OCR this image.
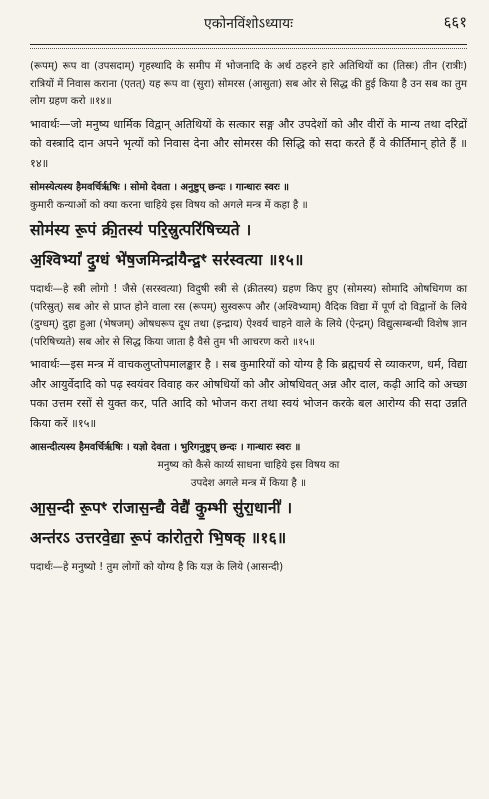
एकोनविंशोऽध्यायः	६६१

(रूपम्) रूप वा (उपसदाम्) गृहस्थादि के समीप में भोजनादि के अर्थ ठहरने हारे अतिथियों का (तिस्रः) तीन (रात्रीः) रात्रियों में निवास कराना (एतत्) यह रूप वा (सुरा) सोमरस (आसुता) सब ओर से सिद्ध की हुई किया है उन सब का तुम लोग ग्रहण करो ॥१४॥

भावार्थः—जो मनुष्य धार्मिक विद्वान् अतिथियों के सत्कार सङ्ग और उपदेशों को और वीरों के मान्य तथा दरिद्रों को वस्त्रादि दान अपने भृत्यों को निवास देना और सोमरस की सिद्धि को सदा करते हैं वे कीर्तिमान् होते हैं ॥१४॥

सोमस्येत्यस्य हैमवर्चिर्ऋषिः । सोमो देवता । अनुष्टुप् छन्दः । गान्धारः स्वरः ॥

कुमारी कन्याओं को क्या करना चाहिये इस विषय को अगले मन्त्र में कहा है ॥

सोम॑स्य रू॒पं क्री॒तस्य॑ परि॒स्रुत्परि॑षिच्यते ।

अ॒श्विभ्यां॑ दु॒ग्धं भे॑ष॒जमिन्द्रा॑यैन्द्र॒ꣳ सर॑स्वत्या ॥१५॥

पदार्थः—हे स्त्री लोगो ! जैसे (सरस्वत्या) विदुषी स्त्री से (क्रीतस्य) ग्रहण किए हुए (सोमस्य) सोमादि ओषधिगण का (परिस्रुत्) सब ओर से प्राप्त होने वाला रस (रूपम्) सुस्वरूप और (अश्विभ्याम्) वैदिक विद्या में पूर्ण दो विद्वानों के लिये (दुग्धम्) दुहा हुआ (भेषजम्) ओषधरूप दूध तथा (इन्द्राय) ऐश्वर्य चाहने वाले के लिये (ऐन्द्रम्) विद्युत्सम्बन्धी विशेष ज्ञान (परिषिच्यते) सब ओर से सिद्ध किया जाता है वैसे तुम भी आचरण करो ॥१५॥

भावार्थः—इस मन्त्र में वाचकलुप्तोपमालङ्कार है । सब कुमारियों को योग्य है कि ब्रह्मचर्य से व्याकरण, धर्म, विद्या और आयुर्वेदादि को पढ़ स्वयंवर विवाह कर ओषधियों को और ओषधिवत् अन्न और दाल, कढ़ी आदि को अच्छा पका उत्तम रसों से युक्त कर, पति आदि को भोजन करा तथा स्वयं भोजन करके बल आरोग्य की सदा उन्नति किया करें ॥१५॥

आसन्दीत्यस्य हैमवर्चिर्ऋषिः । यज्ञो देवता । भुरिगनुष्टुप् छन्दः । गान्धारः स्वरः ॥

मनुष्य को कैसे कार्य्य साधना चाहिये इस विषय का

उपदेश अगले मन्त्र में किया है ॥

आ॒स॒न्दी रू॒पꣳ रा॑जास॒न्द्यै वेद्यै॑ कु॒म्भी सु॑रा॒धानी॑ ।

अन्त॑रऽ उत्तरवे॒द्या रू॒पं का॑रोत॒रो भि॒षक् ॥१६॥

पदार्थः—हे मनुष्यो ! तुम लोगों को योग्य है कि यज्ञ के लिये (आसन्दी)
